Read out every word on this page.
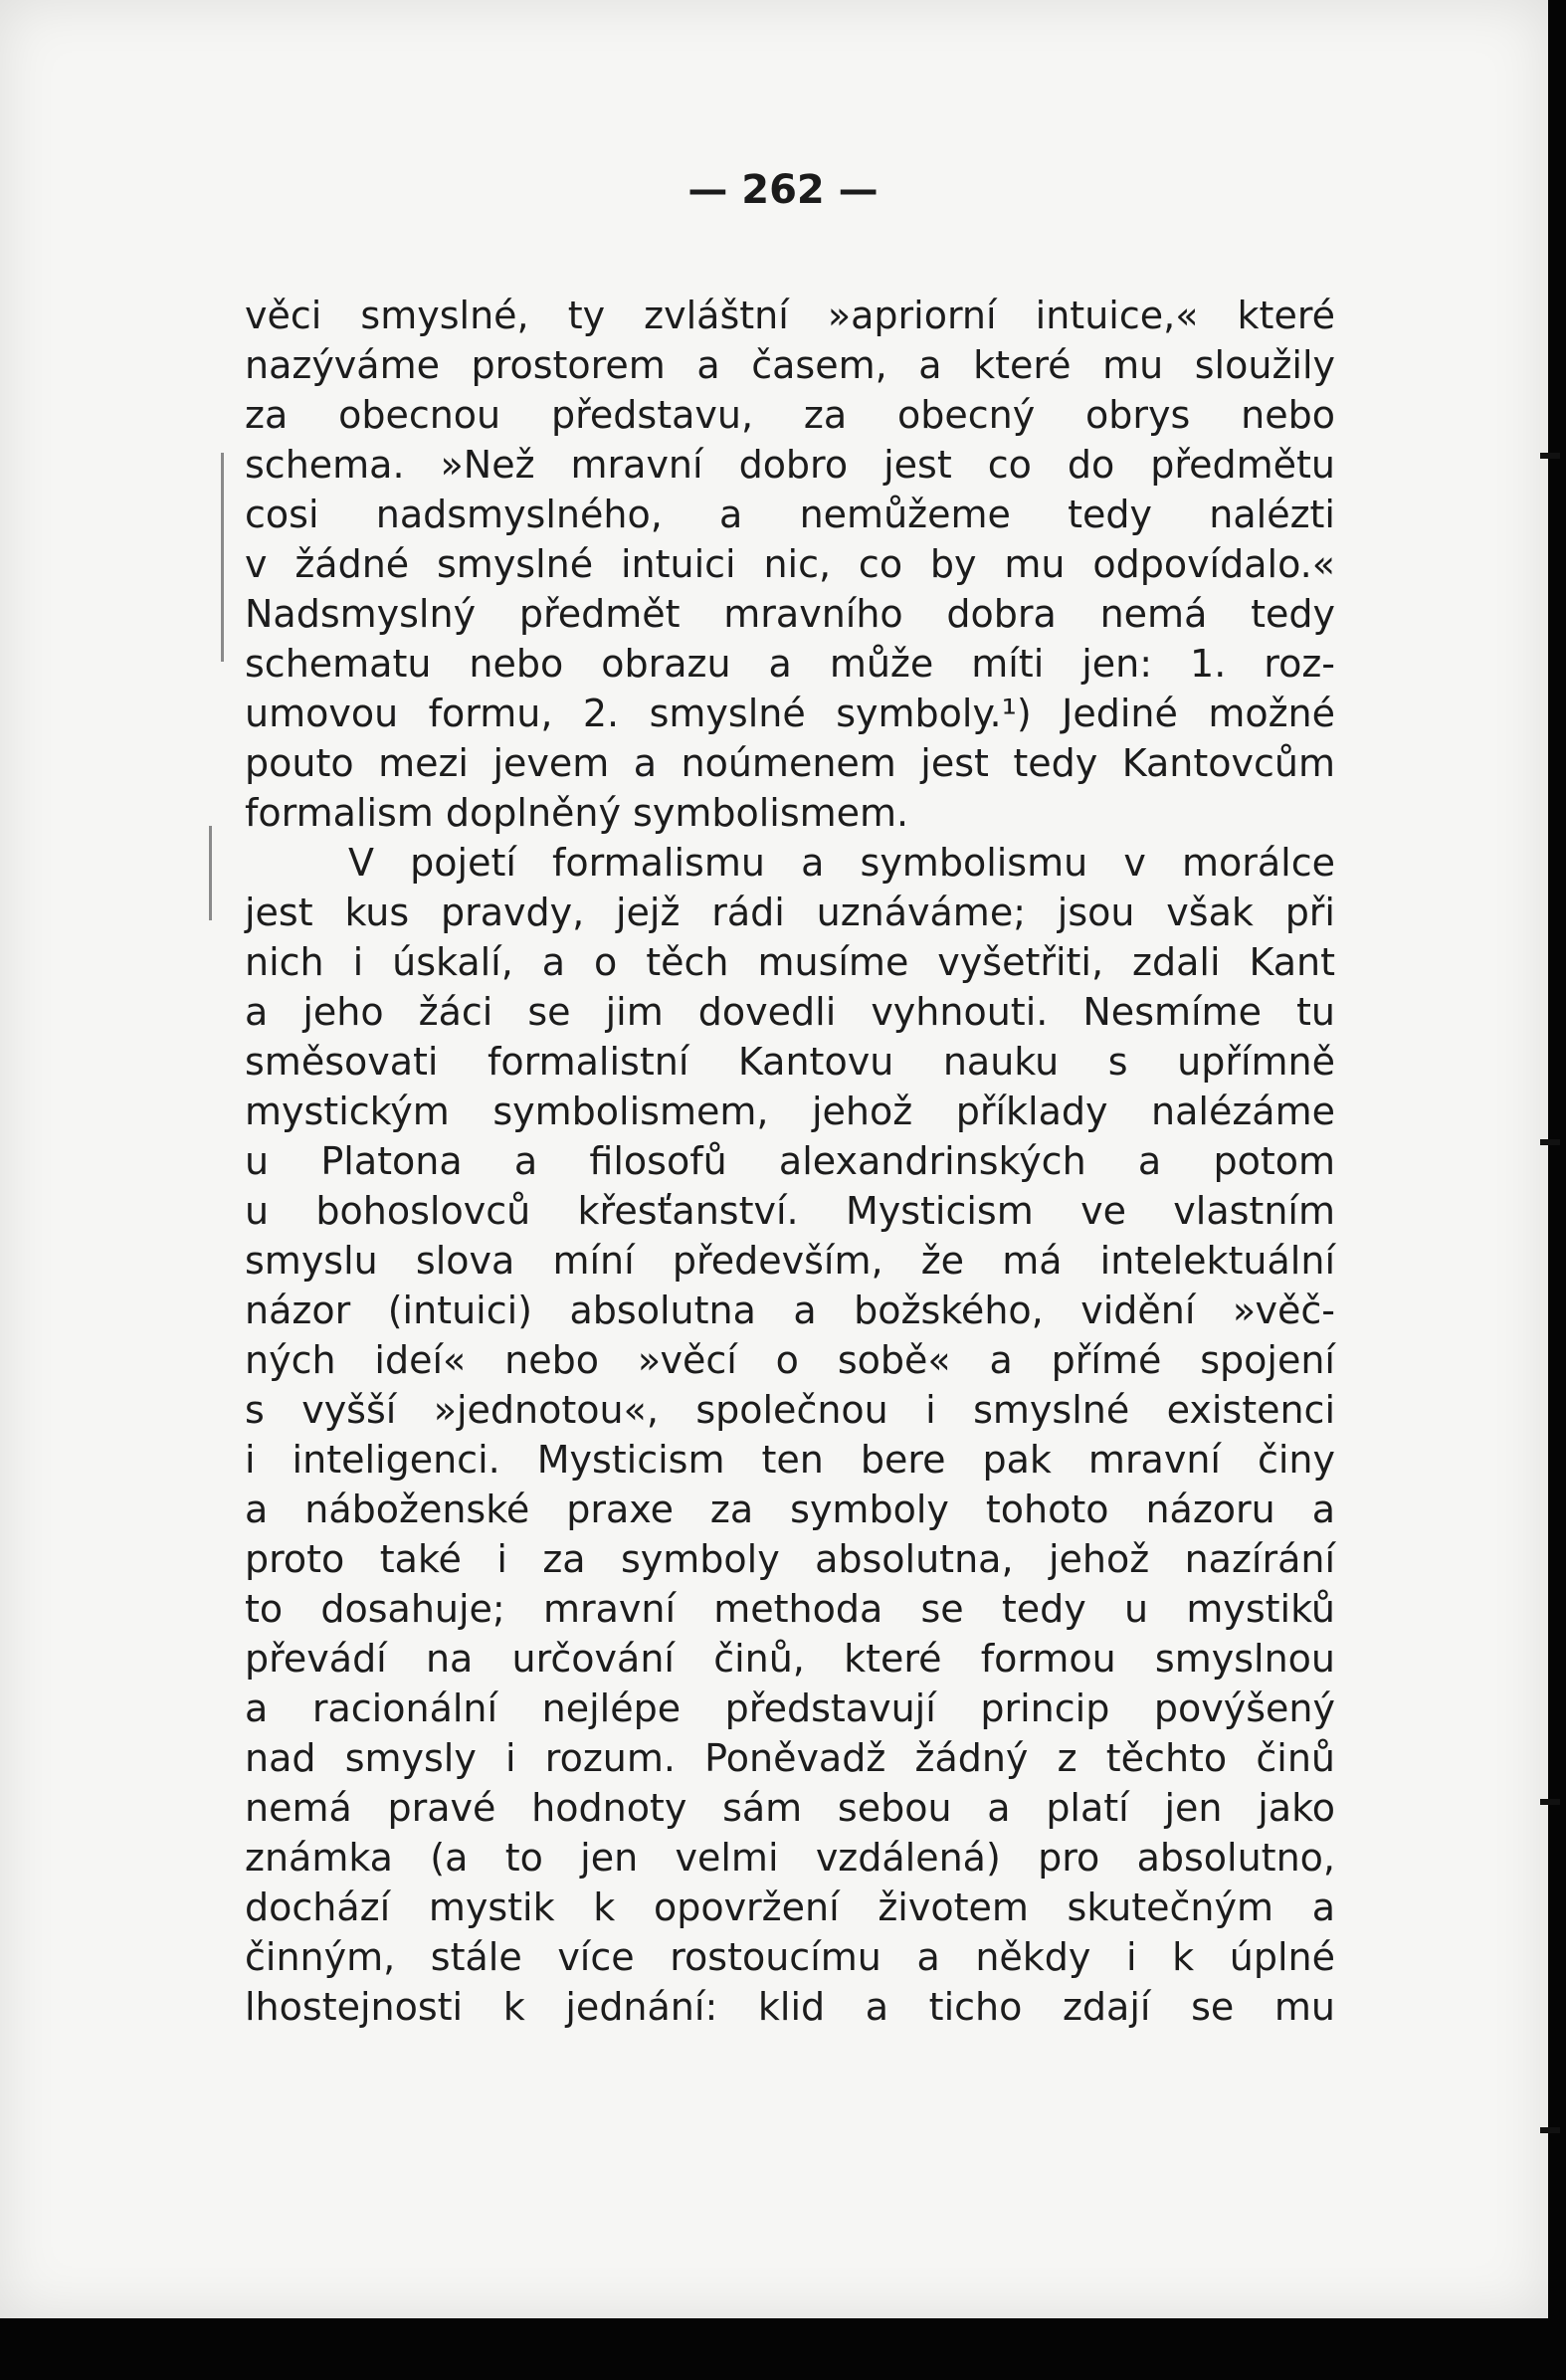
— 262 —
věci smyslné, ty zvláštní »apriorní intuice,« které
nazýváme prostorem a časem, a které mu sloužily
za obecnou představu, za obecný obrys nebo
schema. »Než mravní dobro jest co do předmětu
cosi nadsmyslného, a nemůžeme tedy nalézti
v žádné smyslné intuici nic, co by mu odpovídalo.«
Nadsmyslný předmět mravního dobra nemá tedy
schematu nebo obrazu a může míti jen: 1. roz-
umovou formu, 2. smyslné symboly.¹) Jediné možné
pouto mezi jevem a noúmenem jest tedy Kantovcům
formalism doplněný symbolismem.
V pojetí formalismu a symbolismu v morálce
jest kus pravdy, jejž rádi uznáváme; jsou však při
nich i úskalí, a o těch musíme vyšetřiti, zdali Kant
a jeho žáci se jim dovedli vyhnouti. Nesmíme tu
směsovati formalistní Kantovu nauku s upřímně
mystickým symbolismem, jehož příklady nalézáme
u Platona a filosofů alexandrinských a potom
u bohoslovců křesťanství. Mysticism ve vlastním
smyslu slova míní především, že má intelektuální
názor (intuici) absolutna a božského, vidění »věč-
ných ideí« nebo »věcí o sobě« a přímé spojení
s vyšší »jednotou«, společnou i smyslné existenci
i inteligenci. Mysticism ten bere pak mravní činy
a náboženské praxe za symboly tohoto názoru a
proto také i za symboly absolutna, jehož nazírání
to dosahuje; mravní methoda se tedy u mystiků
převádí na určování činů, které formou smyslnou
a racionální nejlépe představují princip povýšený
nad smysly i rozum. Poněvadž žádný z těchto činů
nemá pravé hodnoty sám sebou a platí jen jako
známka (a to jen velmi vzdálená) pro absolutno,
dochází mystik k opovržení životem skutečným a
činným, stále více rostoucímu a někdy i k úplné
lhostejnosti k jednání: klid a ticho zdají se mu
